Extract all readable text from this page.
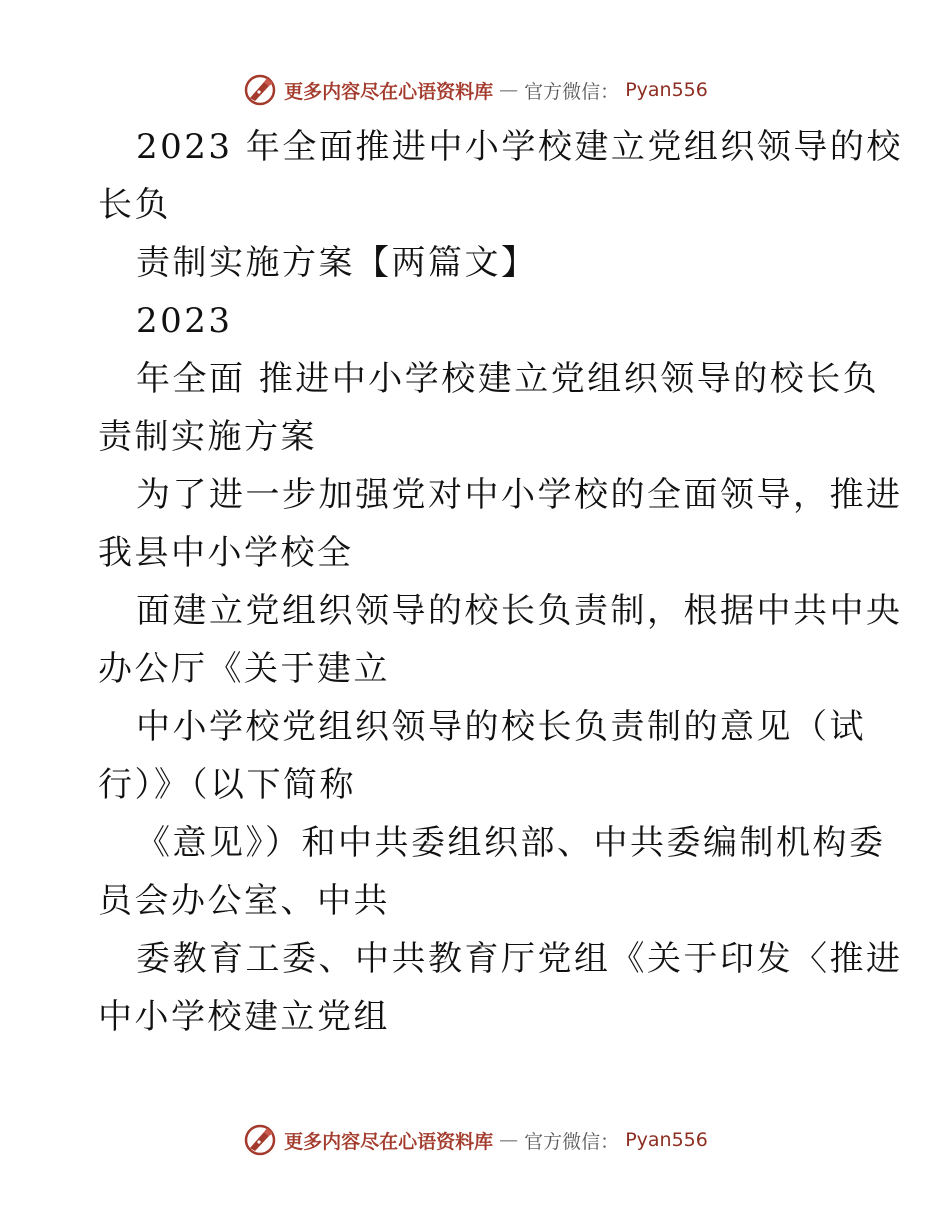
更多内容尽在心语资料库 — 官方微信： Pyan556
2023 年全面推进中小学校建立党组织领导的校
长负
责制实施方案【两篇文】
2023
年全面 推进中小学校建立党组织领导的校长负
责制实施方案
为了进一步加强党对中小学校的全面领导，推进
我县中小学校全
面建立党组织领导的校长负责制，根据中共中央
办公厅《关于建立
中小学校党组织领导的校长负责制的意见（试
行）》（以下简称
《意见》）和中共委组织部、中共委编制机构委
员会办公室、中共
委教育工委、中共教育厅党组《关于印发〈推进
中小学校建立党组
更多内容尽在心语资料库 — 官方微信： Pyan556
